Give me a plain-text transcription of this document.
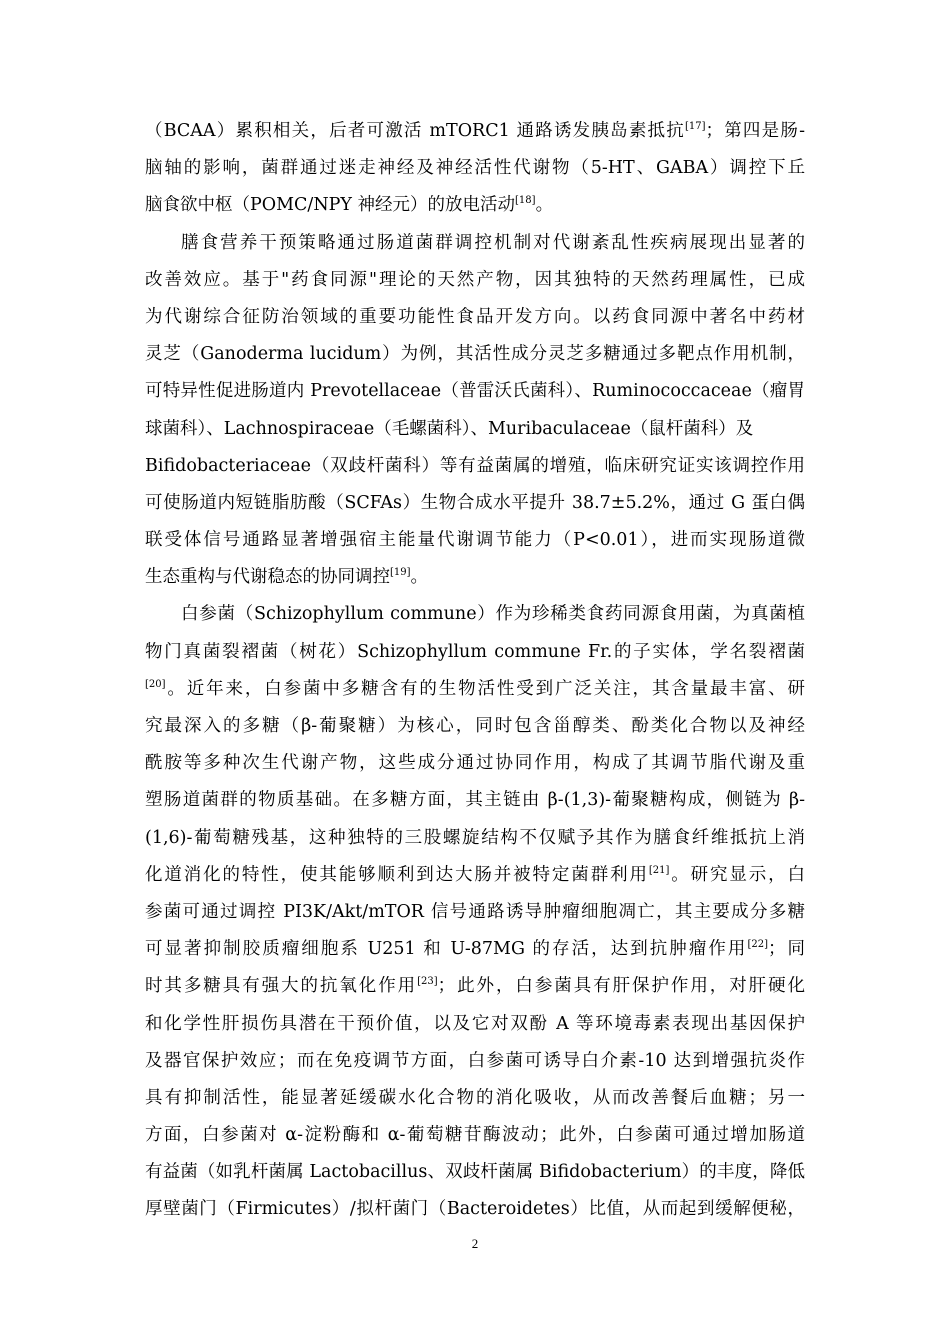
（BCAA）累积相关，后者可激活 mTORC1 通路诱发胰岛素抵抗[17]；第四是肠-
脑轴的影响，菌群通过迷走神经及神经活性代谢物（5-HT、GABA）调控下丘
脑食欲中枢（POMC/NPY 神经元）的放电活动[18]。
膳食营养干预策略通过肠道菌群调控机制对代谢紊乱性疾病展现出显著的
改善效应。基于"药食同源"理论的天然产物，因其独特的天然药理属性，已成
为代谢综合征防治领域的重要功能性食品开发方向。以药食同源中著名中药材
灵芝（Ganoderma lucidum）为例，其活性成分灵芝多糖通过多靶点作用机制，
可特异性促进肠道内 Prevotellaceae（普雷沃氏菌科）、Ruminococcaceae（瘤胃
球菌科）、Lachnospiraceae（毛螺菌科）、Muribaculaceae（鼠杆菌科）及
Bifidobacteriaceae（双歧杆菌科）等有益菌属的增殖，临床研究证实该调控作用
可使肠道内短链脂肪酸（SCFAs）生物合成水平提升 38.7±5.2%，通过 G 蛋白偶
联受体信号通路显著增强宿主能量代谢调节能力（P<0.01），进而实现肠道微
生态重构与代谢稳态的协同调控[19]。
白参菌（Schizophyllum commune）作为珍稀类食药同源食用菌，为真菌植
物门真菌裂褶菌（树花）Schizophyllum commune Fr.的子实体，学名裂褶菌
[20]。近年来，白参菌中多糖含有的生物活性受到广泛关注，其含量最丰富、研
究最深入的多糖（β-葡聚糖）为核心，同时包含甾醇类、酚类化合物以及神经
酰胺等多种次生代谢产物，这些成分通过协同作用，构成了其调节脂代谢及重
塑肠道菌群的物质基础。在多糖方面，其主链由 β-(1,3)-葡聚糖构成，侧链为 β-
(1,6)-葡萄糖残基，这种独特的三股螺旋结构不仅赋予其作为膳食纤维抵抗上消
化道消化的特性，使其能够顺利到达大肠并被特定菌群利用[21]。研究显示，白
参菌可通过调控 PI3K/Akt/mTOR 信号通路诱导肿瘤细胞凋亡，其主要成分多糖
可显著抑制胶质瘤细胞系 U251 和 U-87MG 的存活，达到抗肿瘤作用[22]；同
时其多糖具有强大的抗氧化作用[23]；此外，白参菌具有肝保护作用，对肝硬化
和化学性肝损伤具潜在干预价值，以及它对双酚 A 等环境毒素表现出基因保护
及器官保护效应；而在免疫调节方面，白参菌可诱导白介素-10 达到增强抗炎作
具有抑制活性，能显著延缓碳水化合物的消化吸收，从而改善餐后血糖；另一
方面，白参菌对 α-淀粉酶和 α-葡萄糖苷酶波动；此外，白参菌可通过增加肠道
有益菌（如乳杆菌属 Lactobacillus、双歧杆菌属 Bifidobacterium）的丰度，降低
厚壁菌门（Firmicutes）/拟杆菌门（Bacteroidetes）比值，从而起到缓解便秘，
2
